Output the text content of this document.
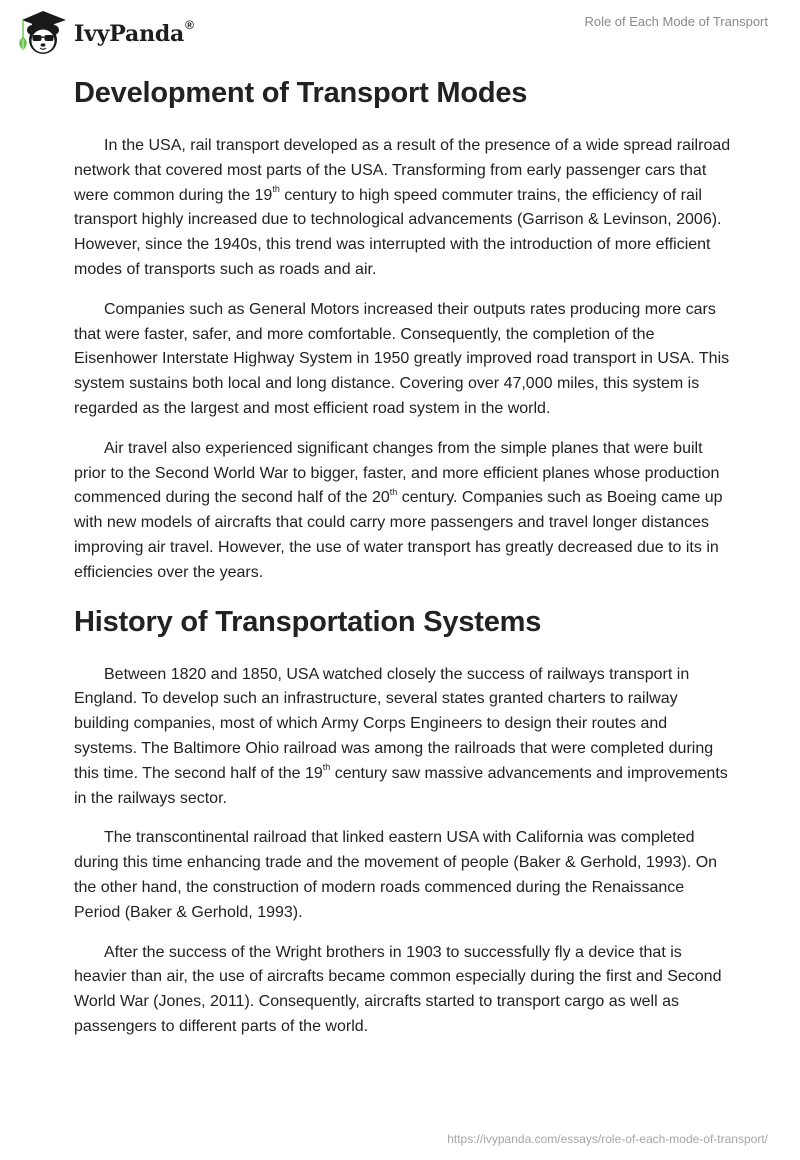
IvyPanda®	Role of Each Mode of Transport
Development of Transport Modes

In the USA, rail transport developed as a result of the presence of a wide spread railroad network that covered most parts of the USA. Transforming from early passenger cars that were common during the 19th century to high speed commuter trains, the efficiency of rail transport highly increased due to technological advancements (Garrison & Levinson, 2006). However, since the 1940s, this trend was interrupted with the introduction of more efficient modes of transports such as roads and air.

Companies such as General Motors increased their outputs rates producing more cars that were faster, safer, and more comfortable. Consequently, the completion of the Eisenhower Interstate Highway System in 1950 greatly improved road transport in USA. This system sustains both local and long distance. Covering over 47,000 miles, this system is regarded as the largest and most efficient road system in the world.

Air travel also experienced significant changes from the simple planes that were built prior to the Second World War to bigger, faster, and more efficient planes whose production commenced during the second half of the 20th century. Companies such as Boeing came up with new models of aircrafts that could carry more passengers and travel longer distances improving air travel. However, the use of water transport has greatly decreased due to its in efficiencies over the years.

History of Transportation Systems

Between 1820 and 1850, USA watched closely the success of railways transport in England. To develop such an infrastructure, several states granted charters to railway building companies, most of which Army Corps Engineers to design their routes and systems. The Baltimore Ohio railroad was among the railroads that were completed during this time. The second half of the 19th century saw massive advancements and improvements in the railways sector.

The transcontinental railroad that linked eastern USA with California was completed during this time enhancing trade and the movement of people (Baker & Gerhold, 1993). On the other hand, the construction of modern roads commenced during the Renaissance Period (Baker & Gerhold, 1993).

After the success of the Wright brothers in 1903 to successfully fly a device that is heavier than air, the use of aircrafts became common especially during the first and Second World War (Jones, 2011). Consequently, aircrafts started to transport cargo as well as passengers to different parts of the world.

https://ivypanda.com/essays/role-of-each-mode-of-transport/
